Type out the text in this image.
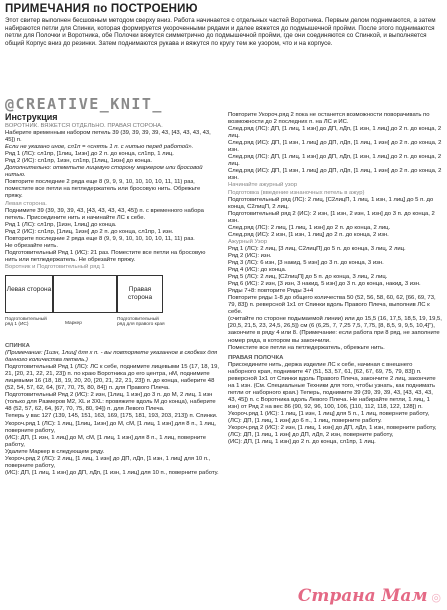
ПРИМЕЧАНИЯ по ПОСТРОЕНИЮ

Этот свитер выполнен бесшовным методом сверху вниз. Работа начинается с отдельных частей Воротника. Первым делом поднимаются, а затем набираются петли для Спинки, которая формируется укороченными рядами и далее вяжется до подмышечной пройми. После этого поднимаются петли для Полочки и Воротника, обе Полочки вяжутся симметрично до подмышечной пройми, где они соединяются со Спинкой, и выполняется общий Корпус вниз до резинки. Затем поднимаются рукава и вяжутся по кругу тем же узором, что и на корпусе.

@CREATIVE_KNIT_

Инструкция

ВОРОТНИК. ВЯЖЕТСЯ ОТДЕЛЬНО. ПРАВАЯ СТОРОНА.

Наберите временным набором петель 39 (39, 39, 39, 39, 43, [43, 43, 43, 43, 45]) п.

Если не указано иное, сл1п = «снять 1 п. с нитью перед работой».

Ряд 1 (ЛС): сл1пр, [1лиц, 1изн] до 2 п. до конца, сл1пр, 1 лиц.

Ряд 2 (ИС): сл1пр, 1изн, сл1пр, [1лиц, 1изн] до конца.

Дополнительно: отметьте лицевую сторону маркером или бросовой нитью.

Повторите последние 2 ряда еще 8 (9, 9, 9, 10, 10, 10, 10, 11, 11) раз, поместите все петли на петледержатель или бросовую нить. Обрежьте пряжу.

Левая сторона.

Поднимите 39 (39, 39, 39, 43, [43, 43, 43, 43, 45]) п. с временного набора петель. Присоедините нить и начинайте ЛС к себе.

Ряд 1 (ЛС): сл1пр, [1изн, 1лиц] до конца.

Ряд 2 (ИС): сл1пр, [1лиц, 1изн] до 2 п. до конца, сл1пр, 1 изн.

Повторите последние 2 ряда еще 8 (9, 9, 9, 10, 10, 10, 10, 11, 11) раз.

Не обрезайте нить.

Подготовительный Ряд 1 (ИС): 21 раз. Поместите все петли на бросовую нить или петледержатель. Не обрезайте пряжу.

Воротник и Подготовительный ряд 1

Левая сторона	Правая сторона
Подготовительный ряд 1 (ИС)	Маркер
Подготовительный ряд для правого края

СПИНКА

(Примечание: [1изн, 1лиц] для х п. - вы повторяете указанное в скобках для данного количества петель.)

Подготовительный Ряд 1 (ЛС): ЛС к себе, поднимите лицевыми 15 (17, 18, 19, 21, [20, 21, 22, 21, 23]) п. по краю Воротника до его центра, нМ, поднимите лицевыми 16 (18, 18, 19, 20, 20, [20, 21, 22, 21, 23]) п. до конца, наберите 48 (52, 54, 57, 62, 64, [67, 70, 75, 80, 84]) п. для Правого Плеча.

Подготовительный Ряд 2 (ИС): 2 изн, [1лиц, 1 изн] до 3 п. до М, 2 лиц, 1 изн (только для Размеров M2, XL и 3XL: провяжите вдоль М до конца), наберите 48 (52, 57, 62, 64, [67, 70, 75, 80, 94]) п. для Левого Плеча.

Теперь у вас 127 (139, 145, 151, 163, 169, [175, 181, 193, 203, 213]) п. Спинки.

Укороч.ряд 1 (ЛС): 1 лиц, [1лиц, 1изн] до М, сМ, [1 лиц, 1 изн] для 8 п., 1 лиц, поверните работу,

(ИС): ДП, [1 изн, 1 лиц] до М, сМ, [1 лиц, 1 изн] для 8 п., 1 лиц, поверните работу,

Удалите Маркер в следующем ряду.

Укороч.ряд 2 (ЛС): 2 лиц, [1 лиц, 1 изн] до ДП, лДп, [1 изн, 1 лиц] для 10 п., поверните работу,

(ИС): ДП, [1 лиц, 1 изн] до ДП, лДп, [1 изн, 1 лиц] для 10 п., поверните работу.

Повторите Укороч.ряд 2 пока не останется возможности поворачивать по возможности до 2 последних п. на ЛС и ИС.

След.ряд (ЛС): ДП, [1 лиц, 1 изн] до ДП, лДп, [1 изн, 1 лиц] до 2 п. до конца, 2 лиц.

След.ряд (ИС): ДП, [1 изн, 1 лиц] до ДП, лДп, [1 лиц, 1 изн] до 2 п. до конца, 2 изн.

След.ряд (ЛС): ДП, [1 лиц, 1 изн] до ДП, лДп, [1 изн, 1 лиц] до 2 п. до конца, 2 лиц.

След.ряд (ИС): ДП, [1 изн, 1 лиц] до ДП, лДп, [1 лиц, 1 изн] до 2 п. до конца, 2 изн.

Начинайте ажурный узор

Подготовка (введение изнаночных петель в ажур)

Подготовительный ряд (ЛС): 2 лиц, [С2лицП, 1 лиц, 1 изн, 1 лиц] до 5 п. до конца, С2лицП, 2 лиц.

Подготовительный ряд 2 (ИС): 2 изн, [1 изн, 2 изн, 1 изн] до 3 п. до конца, 2 изн.

След.ряд (ЛС): 2 лиц, [1 лиц, 1 изн] до 2 п. до конца, 2 лиц.

След.ряд (ИС): 2 изн, [1 изн, 1 лиц] до 2 п. до конца, 2 изн.

Ажурный Узор

Ряд 1 (ЛС): 2 лиц, [3 лиц, С2лицП] до 5 п. до конца, 3 лиц, 2 лиц.

Ряд 2 (ИС): изн.

Ряд 3 (ЛС): 6 изн, [3 накид, 5 изн] до 3 п. до конца, 3 изн.

Ряд 4 (ИС): до конца.

Ряд 5 (ЛС): 2 лиц, [С2лицП] до 5 п. до конца, 3 лиц, 2 лиц.

Ряд 6 (ИС): 2 изн, [3 изн, 3 накид, 5 изн] до 3 п. до конца, накид, 3 изн.

Ряды 7+8: повторите Ряды 3+4

Повторите ряды 1-8 до общего количества 50 (52, 56, 58, 60, 62, [66, 69, 73, 79, 83]) п. реверсной 1х1 от Спинки вдоль Правого Плеча, выполнив ЛС к себе.

(считайте по стороне подымаемой линии) или до 15,5 (16, 17,5, 18,5, 19, 19,5, [20,5, 21,5, 23, 24,5, 26,5]) см (6 (6,25, 7, 7,25 7,5, 7,75, [8, 8,5, 9, 9,5, 10,4]"), закончите в ряду 4 или 8. (Примечание: если работа при 8 ряд, не заполните номер ряда, в котором вы закончили.

Поместите все петли на петледержатель, обрежьте нить.

ПРАВАЯ ПОЛОЧКА

Присоедините нить, держа изделие ЛС к себе, начиная с внешнего наборного края, поднимите 47 (51, 53, 57, 61, [62, 67, 69, 75, 79, 83]) п. реверсной 1х1 от Спинки вдоль Правого Плеча, закончите 2 лиц, закончите на 1 изн. (См. Специальные Техники для того, чтобы узнать, как поднимать петли от наборного края.) Теперь, поднимите 39 (39, 39, 39, 43, [43, 43, 43, 43, 45]) п. с Воротника вдоль Левого Плеча. Не набирайте петли, 1 лиц, 1 изн) от Ряд 2 на вес 86 (90, 92, 96, 100, 106, [110, 112, 118, 122, 128]) п.

Укороч.ряд 1 (ИС): 1 лиц, [1 изн, 1 лиц] для 5 п., 1 лиц, поверните работу,

(ЛС): ДП, [1 лиц, 1 изн] до 6 п., 1 лиц, поверните работу.

Укороч.ряд 2 (ИС): 2 изн, [1 лиц, 1 изн] до ДП, лДп, 1 изн, поверните работу,

(ЛС): ДП, [1 лиц, 1 изн] до ДП, лДп, 2 изн, поверните работу,

(ИС): ДП, [1 лиц, 1 изн] до 2 п. до конца, сл1пр, 1 лиц.

Страна Мам ◎
